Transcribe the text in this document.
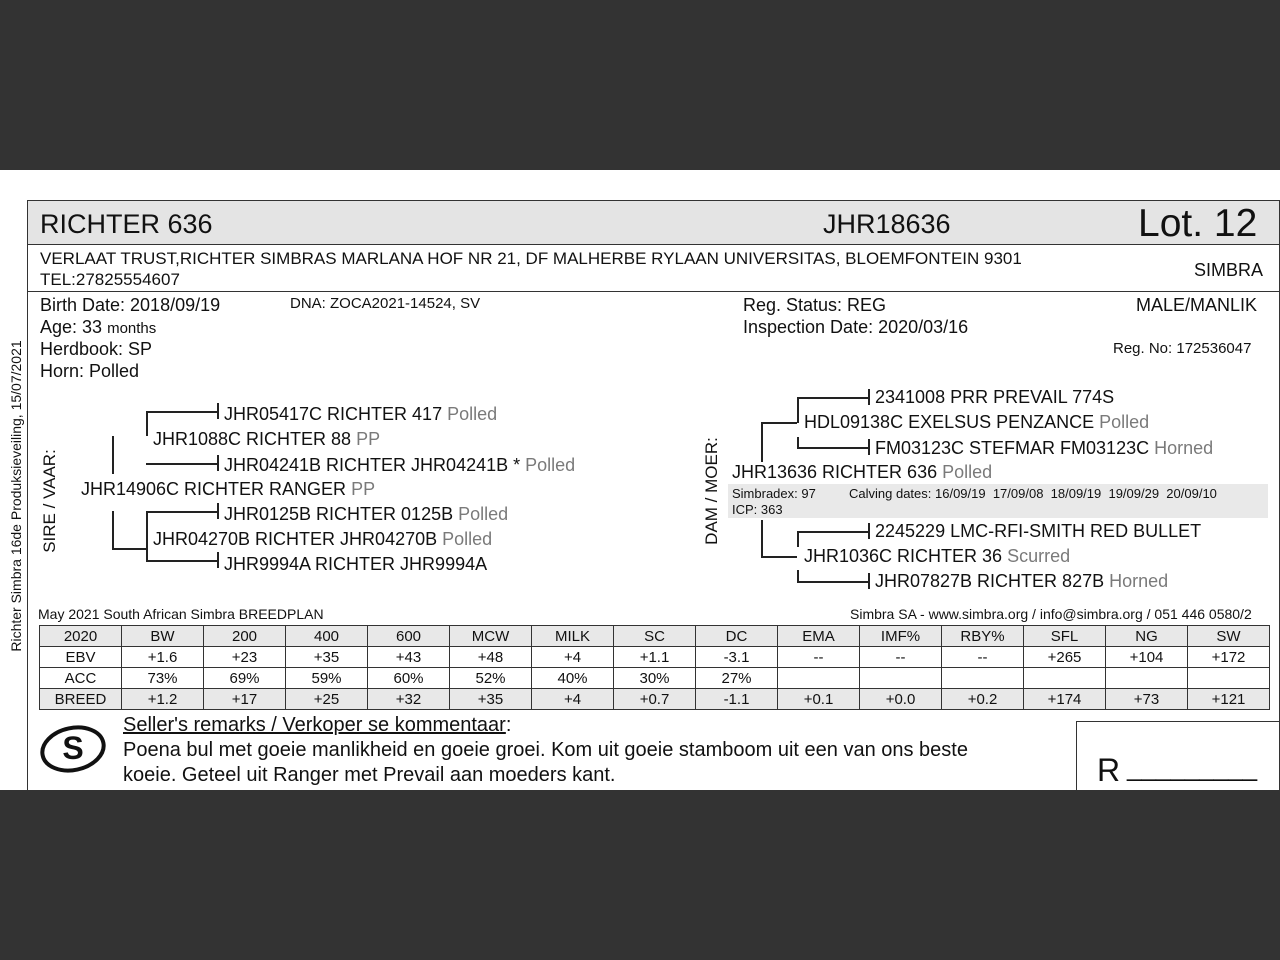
Richter Simbra 16de Produksieveiling, 15/07/2021
RICHTER 636	JHR18636	Lot. 12
VERLAAT TRUST,RICHTER SIMBRAS MARLANA HOF NR 21, DF MALHERBE RYLAAN UNIVERSITAS, BLOEMFONTEIN 9301
TEL:27825554607	SIMBRA
Birth Date: 2018/09/19	DNA: ZOCA2021-14524, SV
Age: 33 months
Herdbook: SP
Horn: Polled
Reg. Status: REG
Inspection Date: 2020/03/16
MALE/MANLIK
Reg. No: 172536047
SIRE / VAAR:
JHR05417C RICHTER 417 Polled
JHR1088C RICHTER 88 PP
JHR04241B RICHTER JHR04241B * Polled
JHR14906C RICHTER RANGER PP
JHR0125B RICHTER 0125B Polled
JHR04270B RICHTER JHR04270B Polled
JHR9994A RICHTER JHR9994A
DAM / MOER:
2341008 PRR PREVAIL 774S
HDL09138C EXELSUS PENZANCE Polled
FM03123C STEFMAR FM03123C Horned
JHR13636 RICHTER 636 Polled
Simbradex: 97	Calving dates: 16/09/19  17/09/08  18/09/19  19/09/29  20/09/10
ICP: 363
2245229 LMC-RFI-SMITH RED BULLET
JHR1036C RICHTER 36 Scurred
JHR07827B RICHTER 827B Horned
May 2021 South African Simbra BREEDPLAN	Simbra SA - www.simbra.org / info@simbra.org / 051 446 0580/2
2020	BW	200	400	600	MCW	MILK	SC	DC	EMA	IMF%	RBY%	SFL	NG	SW
EBV	+1.6	+23	+35	+43	+48	+4	+1.1	-3.1	--	--	--	+265	+104	+172
ACC	73%	69%	59%	60%	52%	40%	30%	27%						
BREED	+1.2	+17	+25	+32	+35	+4	+0.7	-1.1	+0.1	+0.0	+0.2	+174	+73	+121
S
Seller's remarks / Verkoper se kommentaar:
Poena bul met goeie manlikheid en goeie groei. Kom uit goeie stamboom uit een van ons beste
koeie. Geteel uit Ranger met Prevail aan moeders kant.	R _________
